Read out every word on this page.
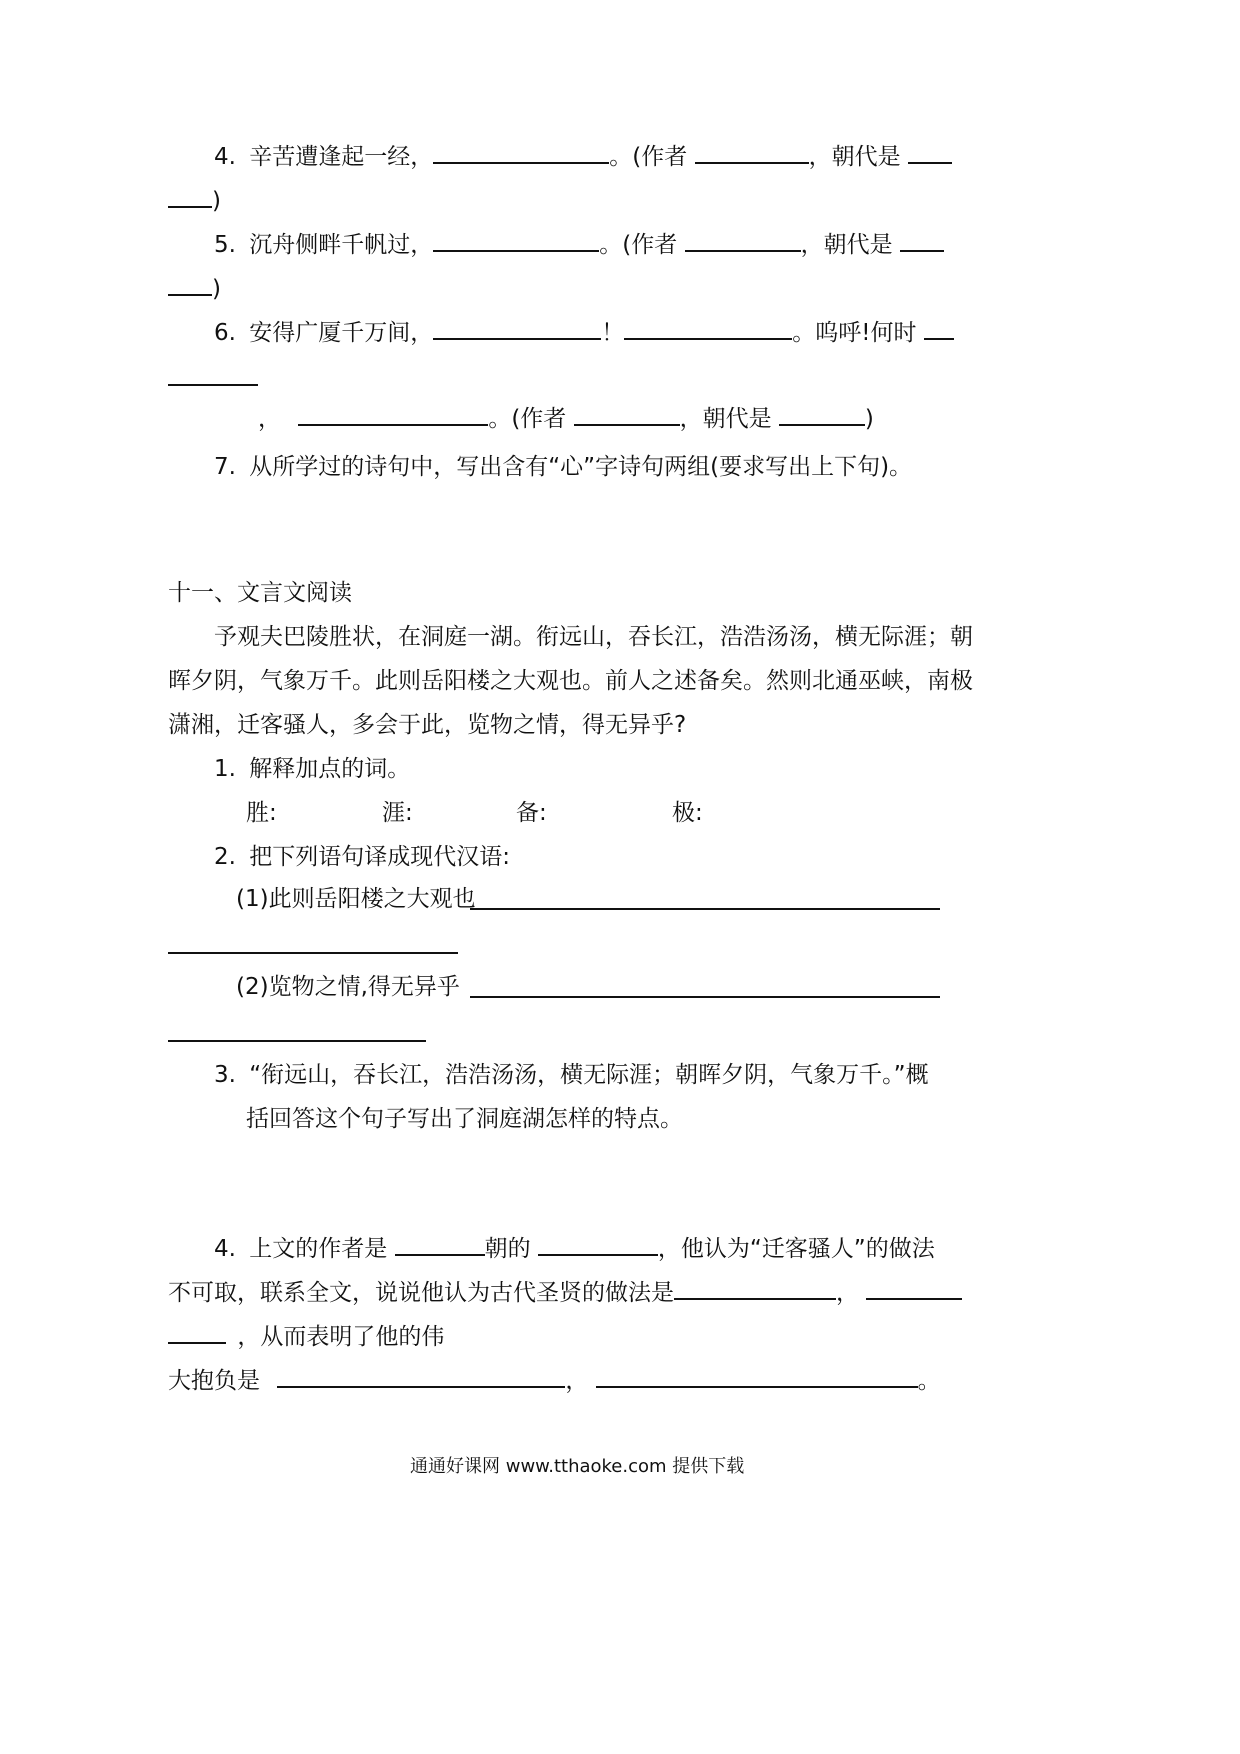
4. 辛苦遭逢起一经，	。(作者	，朝代是
)
5. 沉舟侧畔千帆过，	。(作者	，朝代是
)
6. 安得广厦千万间，	！	。呜呼!何时
，	。(作者	，朝代是	)
7. 从所学过的诗句中，写出含有“心”字诗句两组(要求写出上下句)。
十一、文言文阅读
予观夫巴陵胜状，在洞庭一湖。衔远山，吞长江，浩浩汤汤，横无际涯；朝
晖夕阴，气象万千。此则岳阳楼之大观也。前人之述备矣。然则北通巫峡，南极
潇湘，迁客骚人，多会于此，览物之情，得无异乎?
1. 解释加点的词。
胜:	涯:	备:	极:
2. 把下列语句译成现代汉语:
(1)此则岳阳楼之大观也
(2)览物之情,得无异乎
3. “衔远山，吞长江，浩浩汤汤，横无际涯；朝晖夕阴，气象万千。”概
括回答这个句子写出了洞庭湖怎样的特点。
4. 上文的作者是	朝的	，他认为“迁客骚人”的做法
不可取，联系全文，说说他认为古代圣贤的做法是	，
，从而表明了他的伟
大抱负是	，	。
通通好课网 www.tthaoke.com 提供下载
